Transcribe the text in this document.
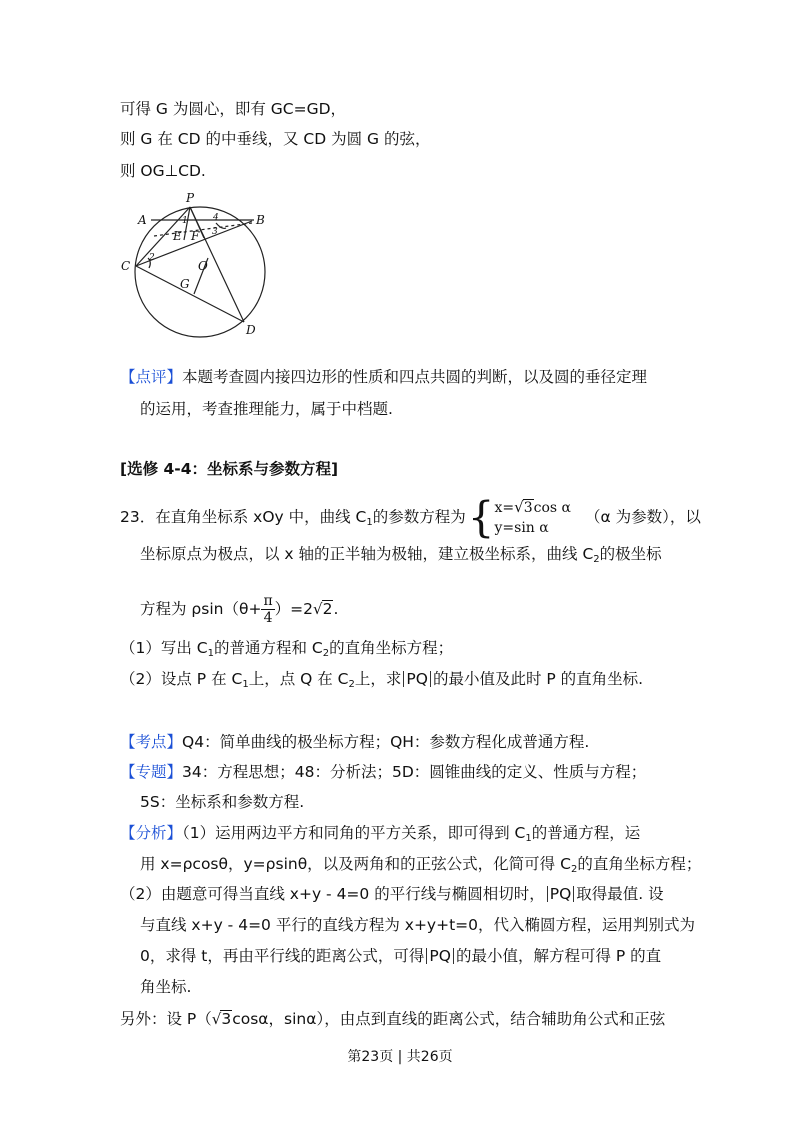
可得 G 为圆心，即有 GC=GD，
则 G 在 CD 的中垂线，又 CD 为圆 G 的弦，
则 OG⊥CD.
P
A	B
C
D
E F
O
G
1
2
3
4
【点评】本题考查圆内接四边形的性质和四点共圆的判断，以及圆的垂径定理
的运用，考查推理能力，属于中档题.
[选修 4-4：坐标系与参数方程]
23．在直角坐标系 xOy 中，曲线 $C_1$的参数方程为{ x=√3cos α
y=sin α
（α 为参数），以
坐标原点为极点，以 x 轴的正半轴为极轴，建立极坐标系，曲线 $C_2$的极坐标
方程为 $\rho\sin(\theta+ \frac{\pi}{4} )=2√2$.
（1）写出 $C_1$的普通方程和 $C_2$的直角坐标方程；
（2）设点 P 在 $C_1$上，点 Q 在 $C_2$上，求 PQ 的最小值及此时 P 的直角坐标.
【考点】Q4：简单曲线的极坐标方程；QH：参数方程化成普通方程.
【专题】34：方程思想；48：分析法；5D：圆锥曲线的定义、性质与方程；
5S：坐标系和参数方程.
【分析】（1）运用两边平方和同角的平方关系，即可得到 $C_1$的普通方程，运
用 x=ρcosθ，y=ρsinθ，以及两角和的正弦公式，化简可得 $C_2$的直角坐标方程；
（2）由题意可得当直线 x+y - 4=0 的平行线与椭圆相切时， PQ 取得最值. 设
与直线 x+y - 4=0 平行的直线方程为 x+y+t=0，代入椭圆方程，运用判别式为
0，求得 t，再由平行线的距离公式，可得 PQ 的最小值，解方程可得 P 的直
角坐标.
另外：设 P（√3cosα，sinα），由点到直线的距离公式，结合辅助角公式和正弦
第23页 | 共26页
